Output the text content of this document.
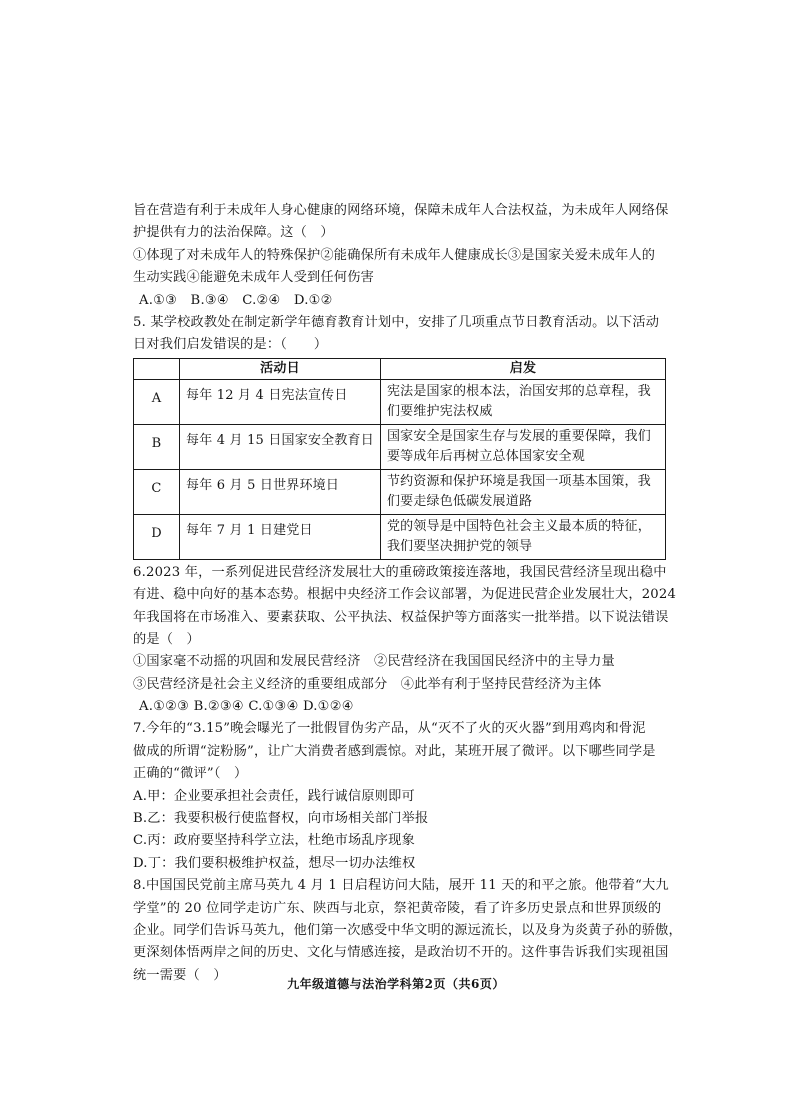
旨在营造有利于未成年人身心健康的网络环境，保障未成年人合法权益，为未成年人网络保
护提供有力的法治保障。这（　）
①体现了对未成年人的特殊保护②能确保所有未成年人健康成长③是国家关爱未成年人的
生动实践④能避免未成年人受到任何伤害
A.①③　B.③④　C.②④　D.①②
5. 某学校政教处在制定新学年德育教育计划中，安排了几项重点节日教育活动。以下活动
日对我们启发错误的是：（　　）
	活动日	启发
A	每年 12 月 4 日宪法宣传日	宪法是国家的根本法，治国安邦的总章程，我们要维护宪法权威
B	每年 4 月 15 日国家安全教育日	国家安全是国家生存与发展的重要保障，我们要等成年后再树立总体国家安全观
C	每年 6 月 5 日世界环境日	节约资源和保护环境是我国一项基本国策，我们要走绿色低碳发展道路
D	每年 7 月 1 日建党日	党的领导是中国特色社会主义最本质的特征，我们要坚决拥护党的领导
6.2023 年，一系列促进民营经济发展壮大的重磅政策接连落地，我国民营经济呈现出稳中
有进、稳中向好的基本态势。根据中央经济工作会议部署，为促进民营企业发展壮大，2024
年我国将在市场准入、要素获取、公平执法、权益保护等方面落实一批举措。以下说法错误
的是（　）
①国家毫不动摇的巩固和发展民营经济　②民营经济在我国国民经济中的主导力量
③民营经济是社会主义经济的重要组成部分　④此举有利于坚持民营经济为主体
A.①②③ B.②③④ C.①③④ D.①②④
7.今年的“3.15”晚会曝光了一批假冒伪劣产品，从“灭不了火的灭火器”到用鸡肉和骨泥
做成的所谓“淀粉肠”，让广大消费者感到震惊。对此，某班开展了微评。以下哪些同学是
正确的“微评”（　）
A.甲：企业要承担社会责任，践行诚信原则即可
B.乙：我要积极行使监督权，向市场相关部门举报
C.丙：政府要坚持科学立法，杜绝市场乱序现象
D.丁：我们要积极维护权益，想尽一切办法维权
8.中国国民党前主席马英九 4 月 1 日启程访问大陆，展开 11 天的和平之旅。他带着“大九
学堂”的 20 位同学走访广东、陕西与北京，祭祀黄帝陵，看了许多历史景点和世界顶级的
企业。同学们告诉马英九，他们第一次感受中华文明的源远流长，以及身为炎黄子孙的骄傲，
更深刻体悟两岸之间的历史、文化与情感连接，是政治切不开的。这件事告诉我们实现祖国
统一需要（　）
九年级道德与法治学科第2页（共6页）
